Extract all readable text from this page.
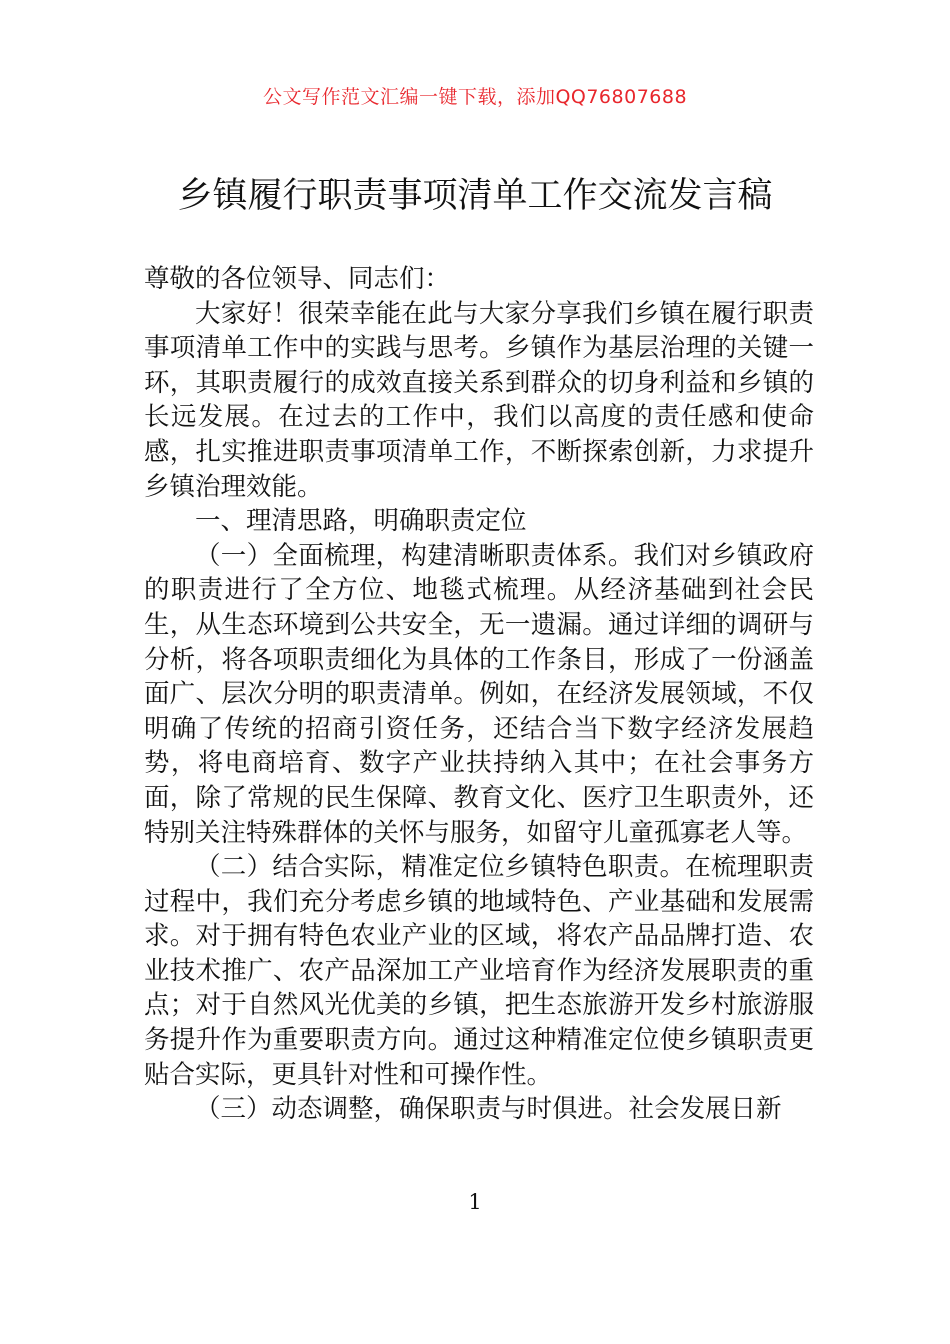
公文写作范文汇编一键下载，添加QQ76807688
乡镇履行职责事项清单工作交流发言稿

尊敬的各位领导、同志们：

大家好！很荣幸能在此与大家分享我们乡镇在履行职责事项清单工作中的实践与思考。乡镇作为基层治理的关键一环，其职责履行的成效直接关系到群众的切身利益和乡镇的长远发展。在过去的工作中，我们以高度的责任感和使命感，扎实推进职责事项清单工作，不断探索创新，力求提升乡镇治理效能。

一、理清思路，明确职责定位

（一）全面梳理，构建清晰职责体系。我们对乡镇政府的职责进行了全方位、地毯式梳理。从经济基础到社会民生，从生态环境到公共安全，无一遗漏。通过详细的调研与分析，将各项职责细化为具体的工作条目，形成了一份涵盖面广、层次分明的职责清单。例如，在经济发展领域，不仅明确了传统的招商引资任务，还结合当下数字经济发展趋势，将电商培育、数字产业扶持纳入其中；在社会事务方面，除了常规的民生保障、教育文化、医疗卫生职责外，还特别关注特殊群体的关怀与服务，如留守儿童孤寡老人等。

（二）结合实际，精准定位乡镇特色职责。在梳理职责过程中，我们充分考虑乡镇的地域特色、产业基础和发展需求。对于拥有特色农业产业的区域，将农产品品牌打造、农业技术推广、农产品深加工产业培育作为经济发展职责的重点；对于自然风光优美的乡镇，把生态旅游开发乡村旅游服务提升作为重要职责方向。通过这种精准定位使乡镇职责更贴合实际，更具针对性和可操作性。

（三）动态调整，确保职责与时俱进。社会发展日新

1
